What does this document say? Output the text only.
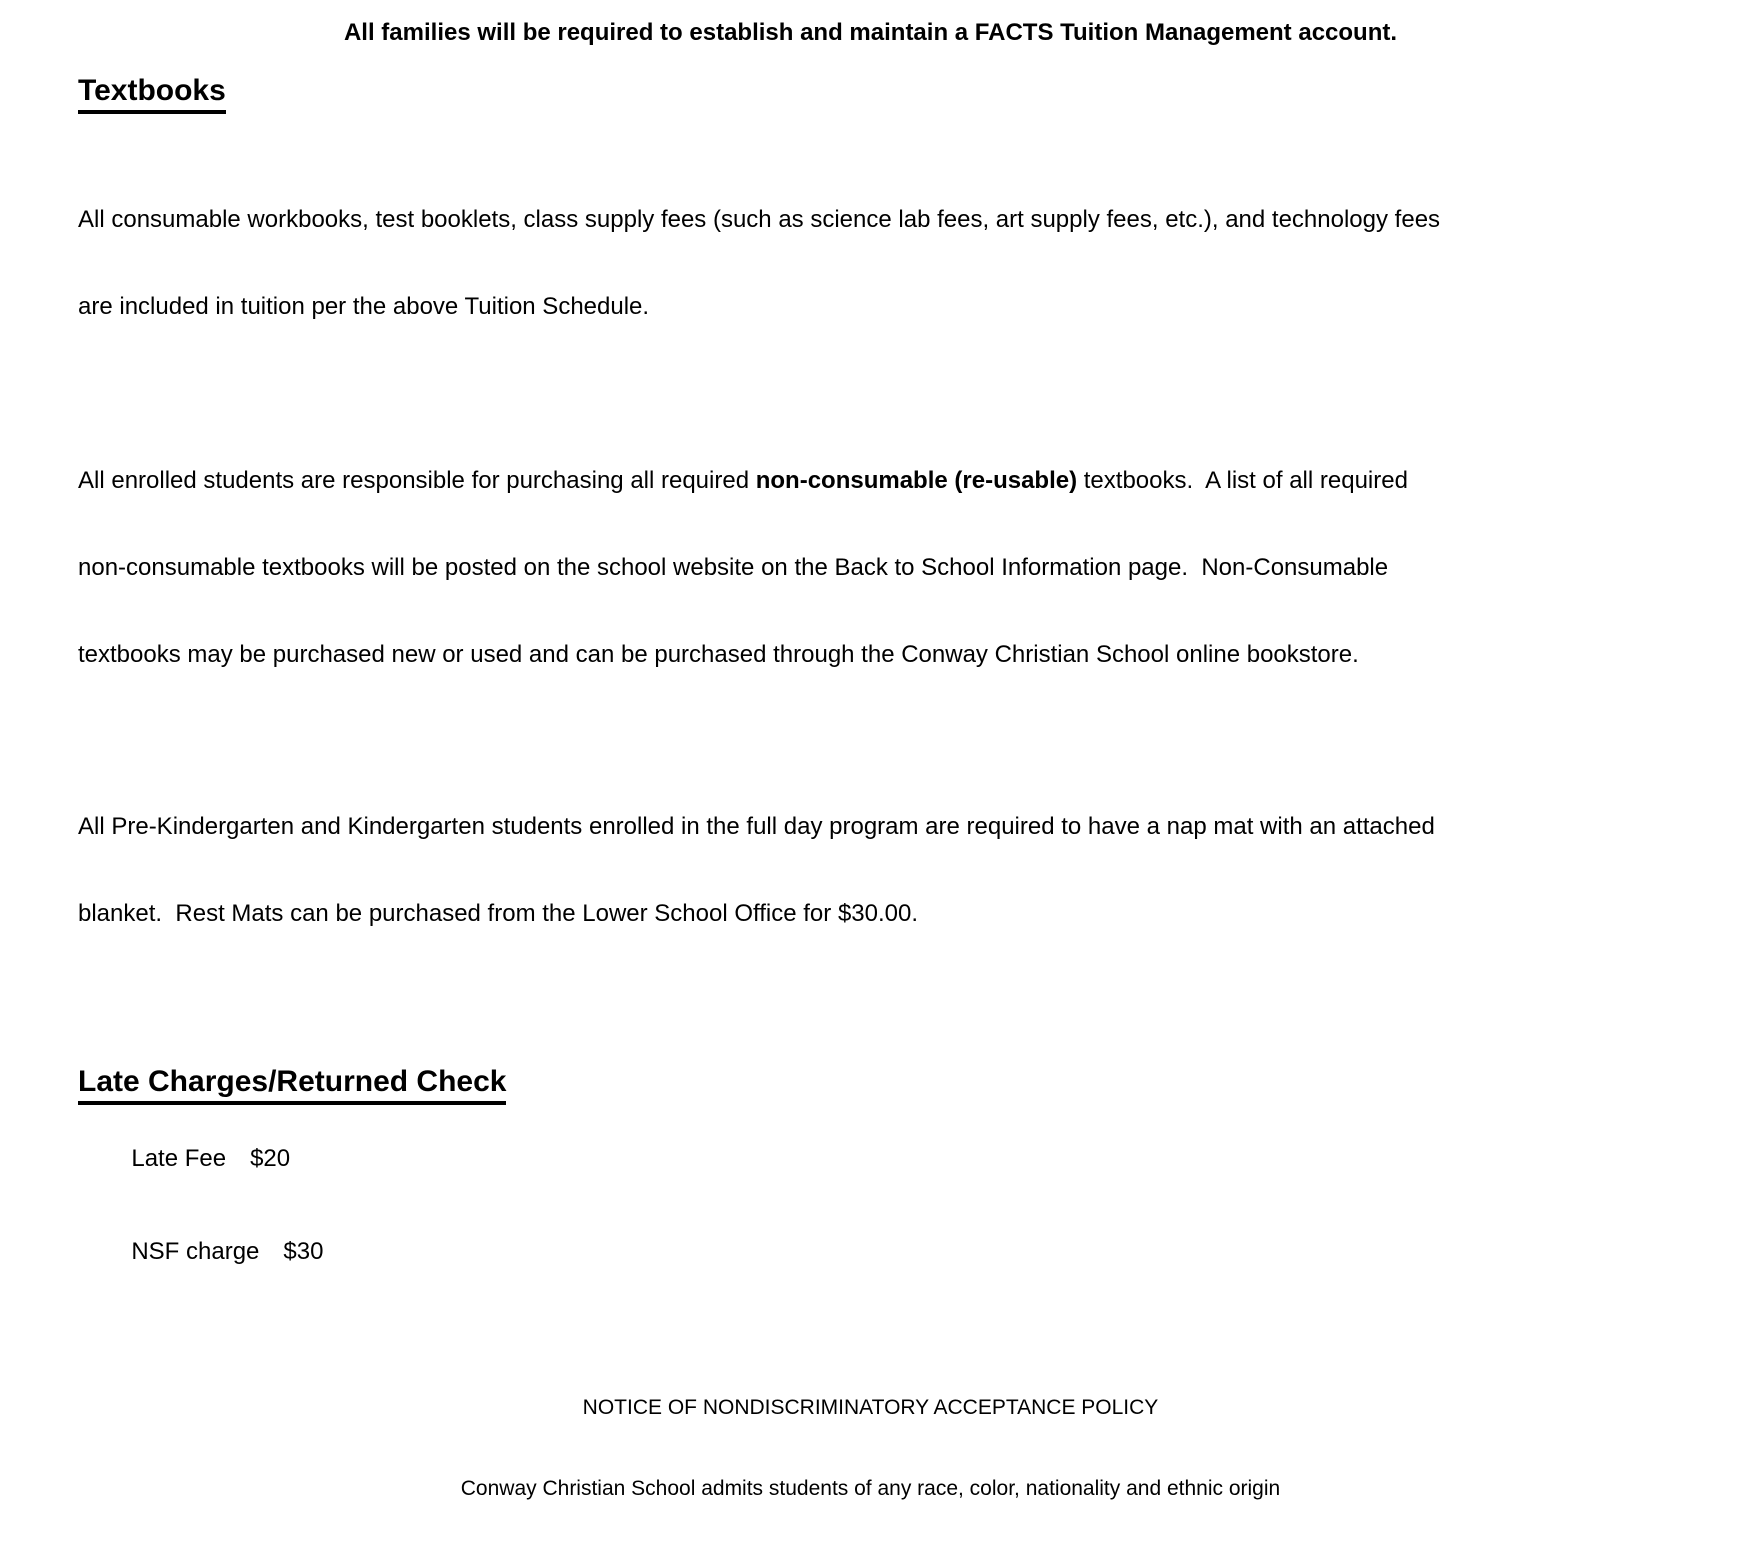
All families will be required to establish and maintain a FACTS Tuition Management account.
Textbooks

All consumable workbooks, test booklets, class supply fees (such as science lab fees, art supply fees, etc.), and technology fees

are included in tuition per the above Tuition Schedule.

All enrolled students are responsible for purchasing all required non-consumable (re-usable) textbooks.  A list of all required

non-consumable textbooks will be posted on the school website on the Back to School Information page.  Non-Consumable

textbooks may be purchased new or used and can be purchased through the Conway Christian School online bookstore.

All Pre-Kindergarten and Kindergarten students enrolled in the full day program are required to have a nap mat with an attached

blanket.  Rest Mats can be purchased from the Lower School Office for $30.00.

Late Charges/Returned Check

Late Fee $20

NSF charge $30

NOTICE OF NONDISCRIMINATORY ACCEPTANCE POLICY

Conway Christian School admits students of any race, color, nationality and ethnic origin
